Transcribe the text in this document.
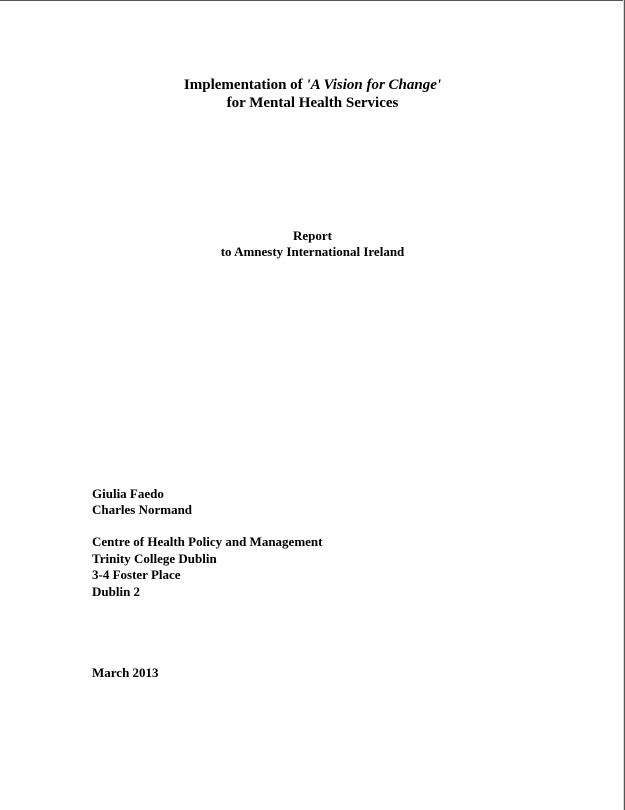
Implementation of 'A Vision for Change'
for Mental Health Services
Report
to Amnesty International Ireland
Giulia Faedo
Charles Normand
Centre of Health Policy and Management
Trinity College Dublin
3-4 Foster Place
Dublin 2
March 2013
